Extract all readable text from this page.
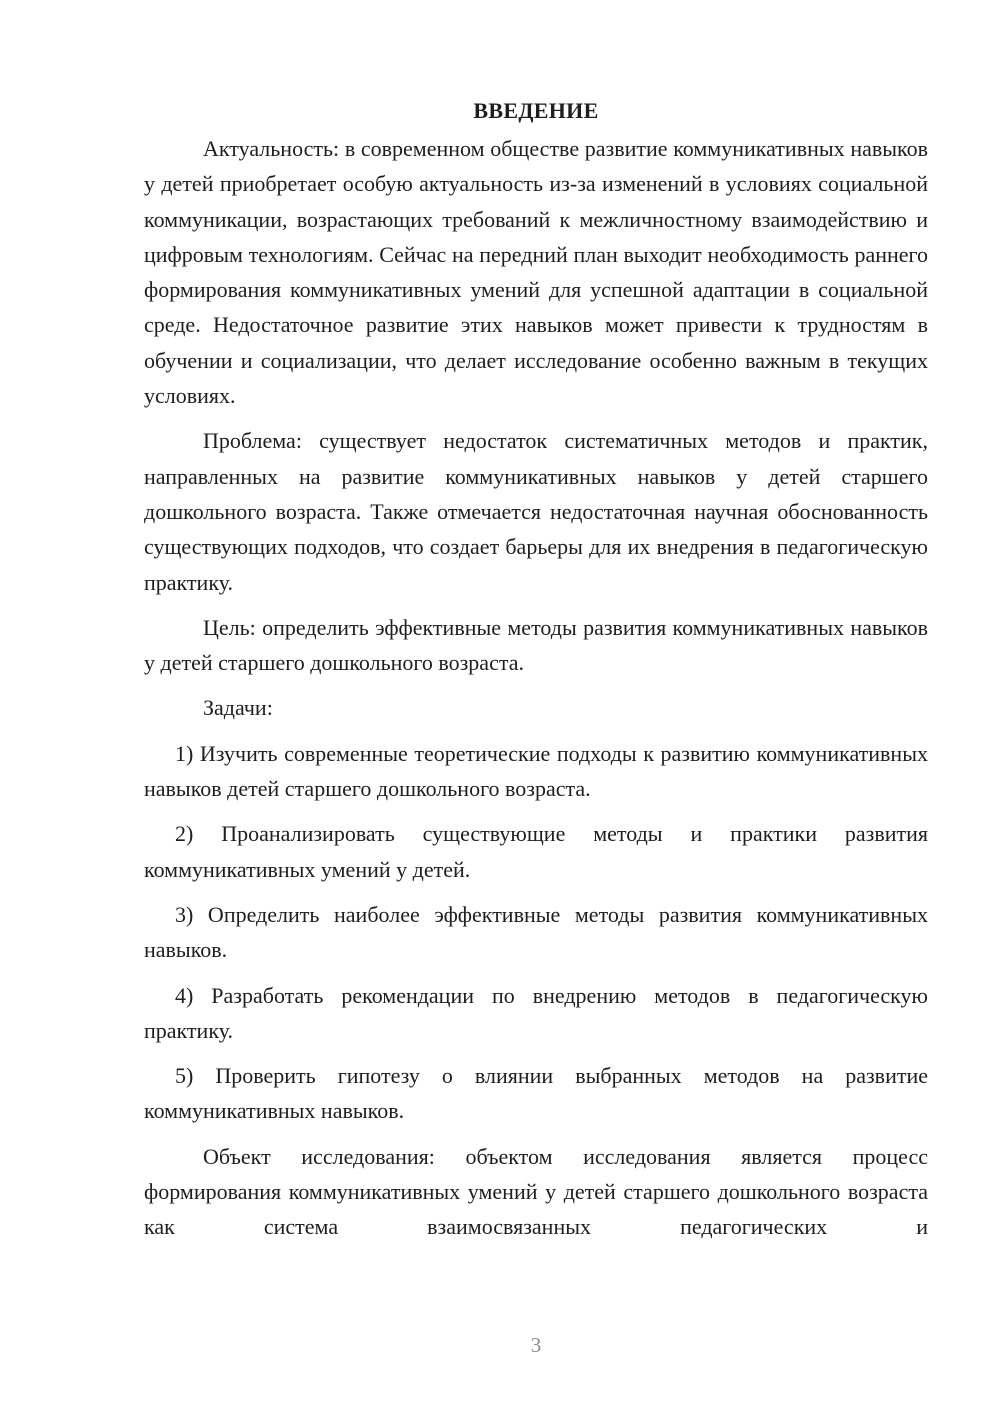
ВВЕДЕНИЕ

Актуальность: в современном обществе развитие коммуникативных навыков у детей приобретает особую актуальность из-за изменений в условиях социальной коммуникации, возрастающих требований к межличностному взаимодействию и цифровым технологиям. Сейчас на передний план выходит необходимость раннего формирования коммуникативных умений для успешной адаптации в социальной среде. Недостаточное развитие этих навыков может привести к трудностям в обучении и социализации, что делает исследование особенно важным в текущих условиях.

Проблема: существует недостаток систематичных методов и практик, направленных на развитие коммуникативных навыков у детей старшего дошкольного возраста. Также отмечается недостаточная научная обоснованность существующих подходов, что создает барьеры для их внедрения в педагогическую практику.

Цель: определить эффективные методы развития коммуникативных навыков у детей старшего дошкольного возраста.

Задачи:

1) Изучить современные теоретические подходы к развитию коммуникативных навыков детей старшего дошкольного возраста.

2) Проанализировать существующие методы и практики развития коммуникативных умений у детей.

3) Определить наиболее эффективные методы развития коммуникативных навыков.

4) Разработать рекомендации по внедрению методов в педагогическую практику.

5) Проверить гипотезу о влиянии выбранных методов на развитие коммуникативных навыков.

Объект исследования: объектом исследования является процесс формирования коммуникативных умений у детей старшего дошкольного возраста как система взаимосвязанных педагогических и

3
